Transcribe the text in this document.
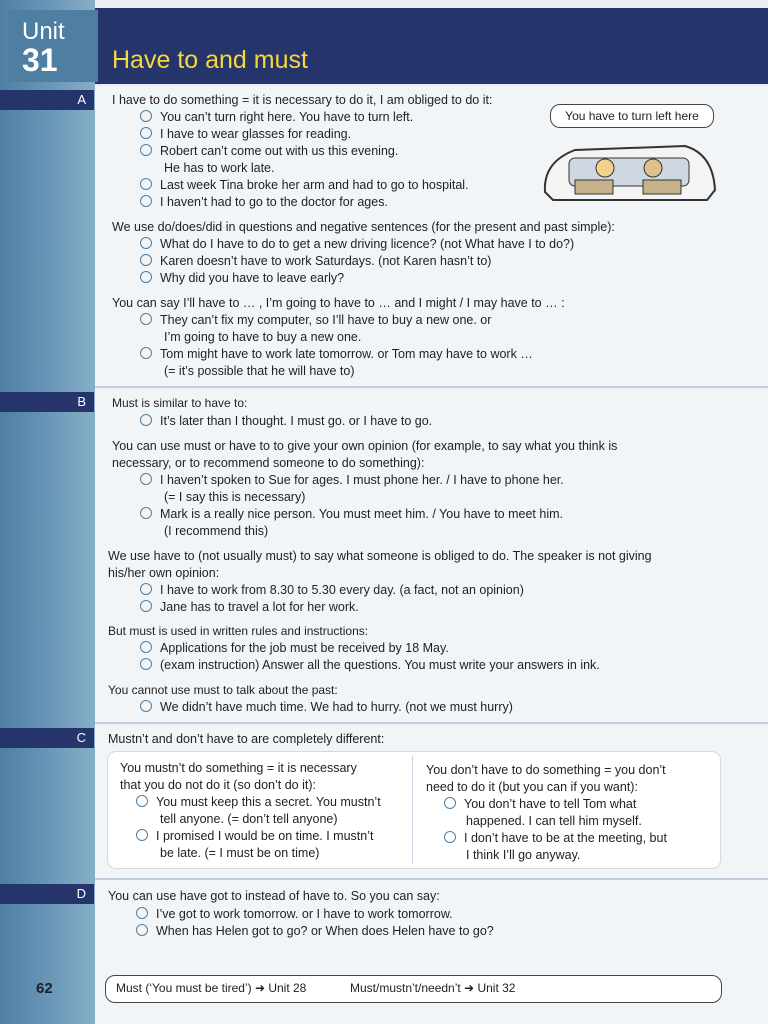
Unit
31 Have to and must
A
B
C
D
I have to do something = it is necessary to do it, I am obliged to do it:
You can’t turn right here. You have to turn left.
I have to wear glasses for reading.
Robert can’t come out with us this evening.
He has to work late.
Last week Tina broke her arm and had to go to hospital.
I haven’t had to go to the doctor for ages.
You have to turn left here
We use do/does/did in questions and negative sentences (for the present and past simple):
What do I have to do to get a new driving licence? (not What have I to do?)
Karen doesn’t have to work Saturdays. (not Karen hasn’t to)
Why did you have to leave early?
You can say I’ll have to … , I’m going to have to … and I might / I may have to … :
They can’t fix my computer, so I’ll have to buy a new one. or
I’m going to have to buy a new one.
Tom might have to work late tomorrow. or Tom may have to work …
(= it’s possible that he will have to)
Must is similar to have to:
It’s later than I thought. I must go. or I have to go.
You can use must or have to to give your own opinion (for example, to say what you think is
necessary, or to recommend someone to do something):
I haven’t spoken to Sue for ages. I must phone her. / I have to phone her.
(= I say this is necessary)
Mark is a really nice person. You must meet him. / You have to meet him.
(I recommend this)
We use have to (not usually must) to say what someone is obliged to do. The speaker is not giving
his/her own opinion:
I have to work from 8.30 to 5.30 every day. (a fact, not an opinion)
Jane has to travel a lot for her work.
But must is used in written rules and instructions:
Applications for the job must be received by 18 May.
(exam instruction) Answer all the questions. You must write your answers in ink.
You cannot use must to talk about the past:
We didn’t have much time. We had to hurry. (not we must hurry)
Mustn’t and don’t have to are completely different:
You mustn’t do something = it is necessary
that you do not do it (so don’t do it):
You must keep this a secret. You mustn’t
tell anyone. (= don’t tell anyone)
I promised I would be on time. I mustn’t
be late. (= I must be on time)
You don’t have to do something = you don’t
need to do it (but you can if you want):
You don’t have to tell Tom what
happened. I can tell him myself.
I don’t have to be at the meeting, but
I think I’ll go anyway.
You can use have got to instead of have to. So you can say:
I’ve got to work tomorrow. or I have to work tomorrow.
When has Helen got to go? or When does Helen have to go?
62	Must (‘You must be tired’) ➜ Unit 28	Must/mustn’t/needn’t ➜ Unit 32
